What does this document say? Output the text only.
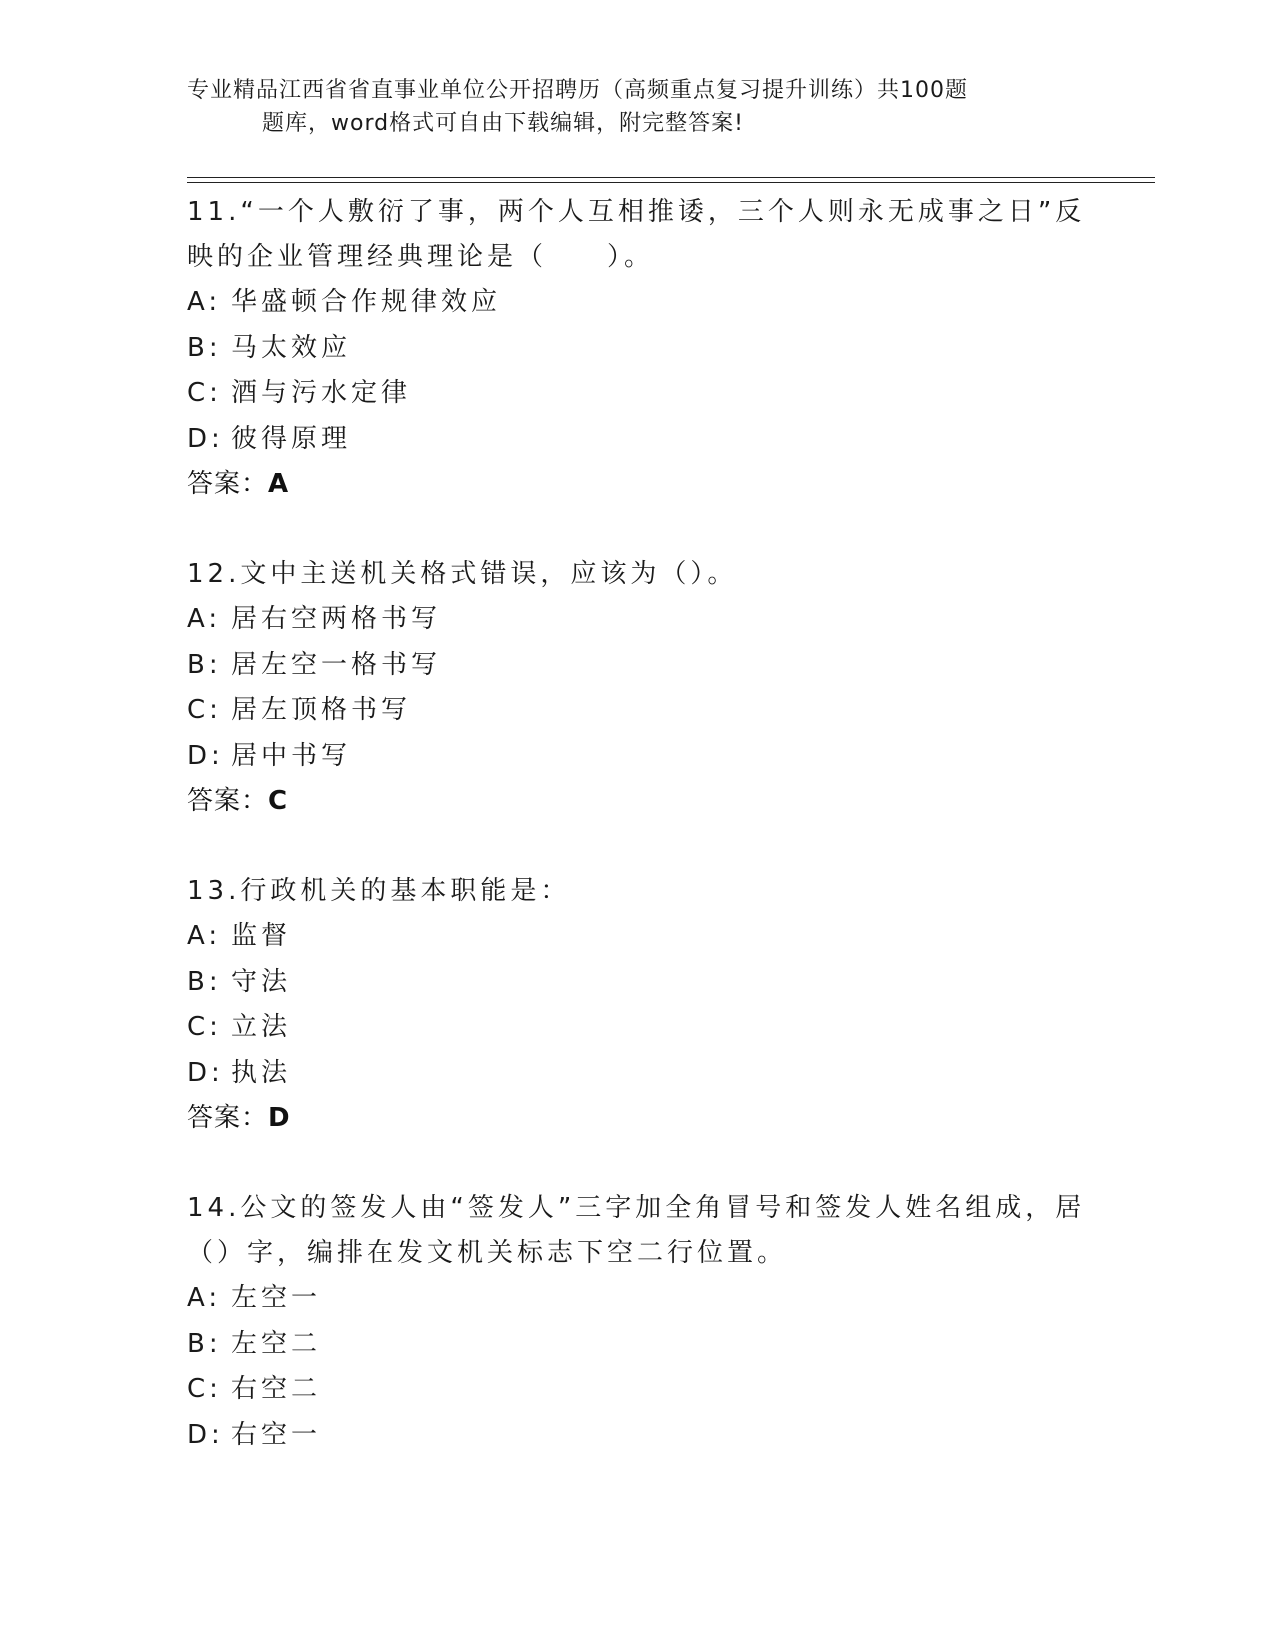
专业精品江西省省直事业单位公开招聘历（高频重点复习提升训练）共100题
题库，word格式可自由下载编辑，附完整答案!

11.“一个人敷衍了事，两个人互相推诿，三个人则永无成事之日”反映的企业管理经典理论是（　　）。

A: 华盛顿合作规律效应
B: 马太效应
C: 酒与污水定律
D: 彼得原理
答案：A

12.文中主送机关格式错误，应该为（）。

A: 居右空两格书写
B: 居左空一格书写
C: 居左顶格书写
D: 居中书写
答案：C

13.行政机关的基本职能是：

A: 监督
B: 守法
C: 立法
D: 执法
答案：D

14.公文的签发人由“签发人”三字加全角冒号和签发人姓名组成，居（）字，编排在发文机关标志下空二行位置。

A: 左空一
B: 左空二
C: 右空二
D: 右空一
